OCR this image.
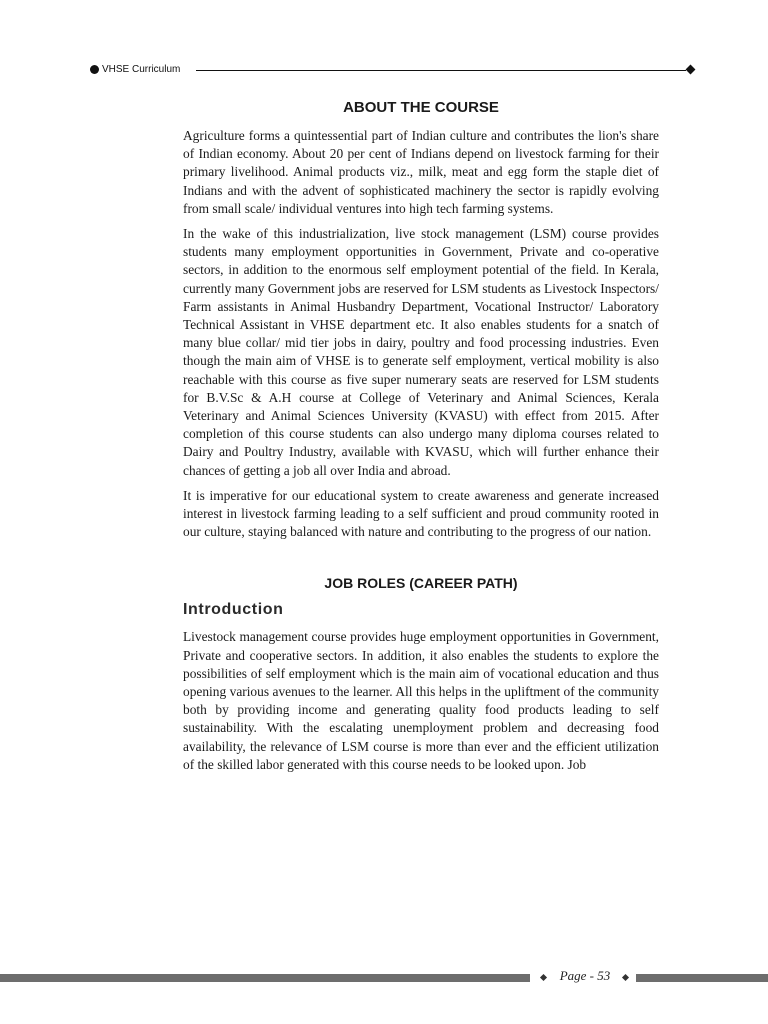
VHSE Curriculum
ABOUT THE COURSE

Agriculture forms a quintessential part of Indian culture and contributes the lion's share of Indian economy. About 20 per cent of Indians depend on livestock farming for their primary livelihood. Animal products viz., milk, meat and egg form the staple diet of Indians and with the advent of sophisticated machinery the sector is rapidly evolving from small scale/ individual ventures into high tech farming systems.

In the wake of this industrialization, live stock management (LSM) course provides students many employment opportunities in Government, Private and co-operative sectors, in addition to the enormous self employment potential of the field. In Kerala, currently many Government jobs are reserved for LSM students as Livestock Inspectors/ Farm assistants in Animal Husbandry Department, Vocational Instructor/ Laboratory Technical Assistant in VHSE department etc. It also enables students for a snatch of many blue collar/ mid tier jobs in dairy, poultry and food processing industries. Even though the main aim of VHSE is to generate self employment, vertical mobility is also reachable with this course as five super numerary seats are reserved for LSM students for B.V.Sc & A.H course at College of Veterinary and Animal Sciences, Kerala Veterinary and Animal Sciences University (KVASU) with effect from 2015. After completion of this course students can also undergo many diploma courses related to Dairy and Poultry Industry, available with KVASU, which will further enhance their chances of getting a job all over India and abroad.

It is imperative for our educational system to create awareness and generate increased interest in livestock farming leading to a self sufficient and proud community rooted in our culture, staying balanced with nature and contributing to the progress of our nation.

JOB ROLES (CAREER PATH)
Introduction

Livestock management course provides huge employment opportunities in Government, Private and cooperative sectors. In addition, it also enables the students to explore the possibilities of self employment which is the main aim of vocational education and thus opening various avenues to the learner. All this helps in the upliftment of the community both by providing income and generating quality food products leading to self sustainability. With the escalating unemployment problem and decreasing food availability, the relevance of LSM course is more than ever and the efficient utilization of the skilled labor generated with this course needs to be looked upon. Job

Page - 53
